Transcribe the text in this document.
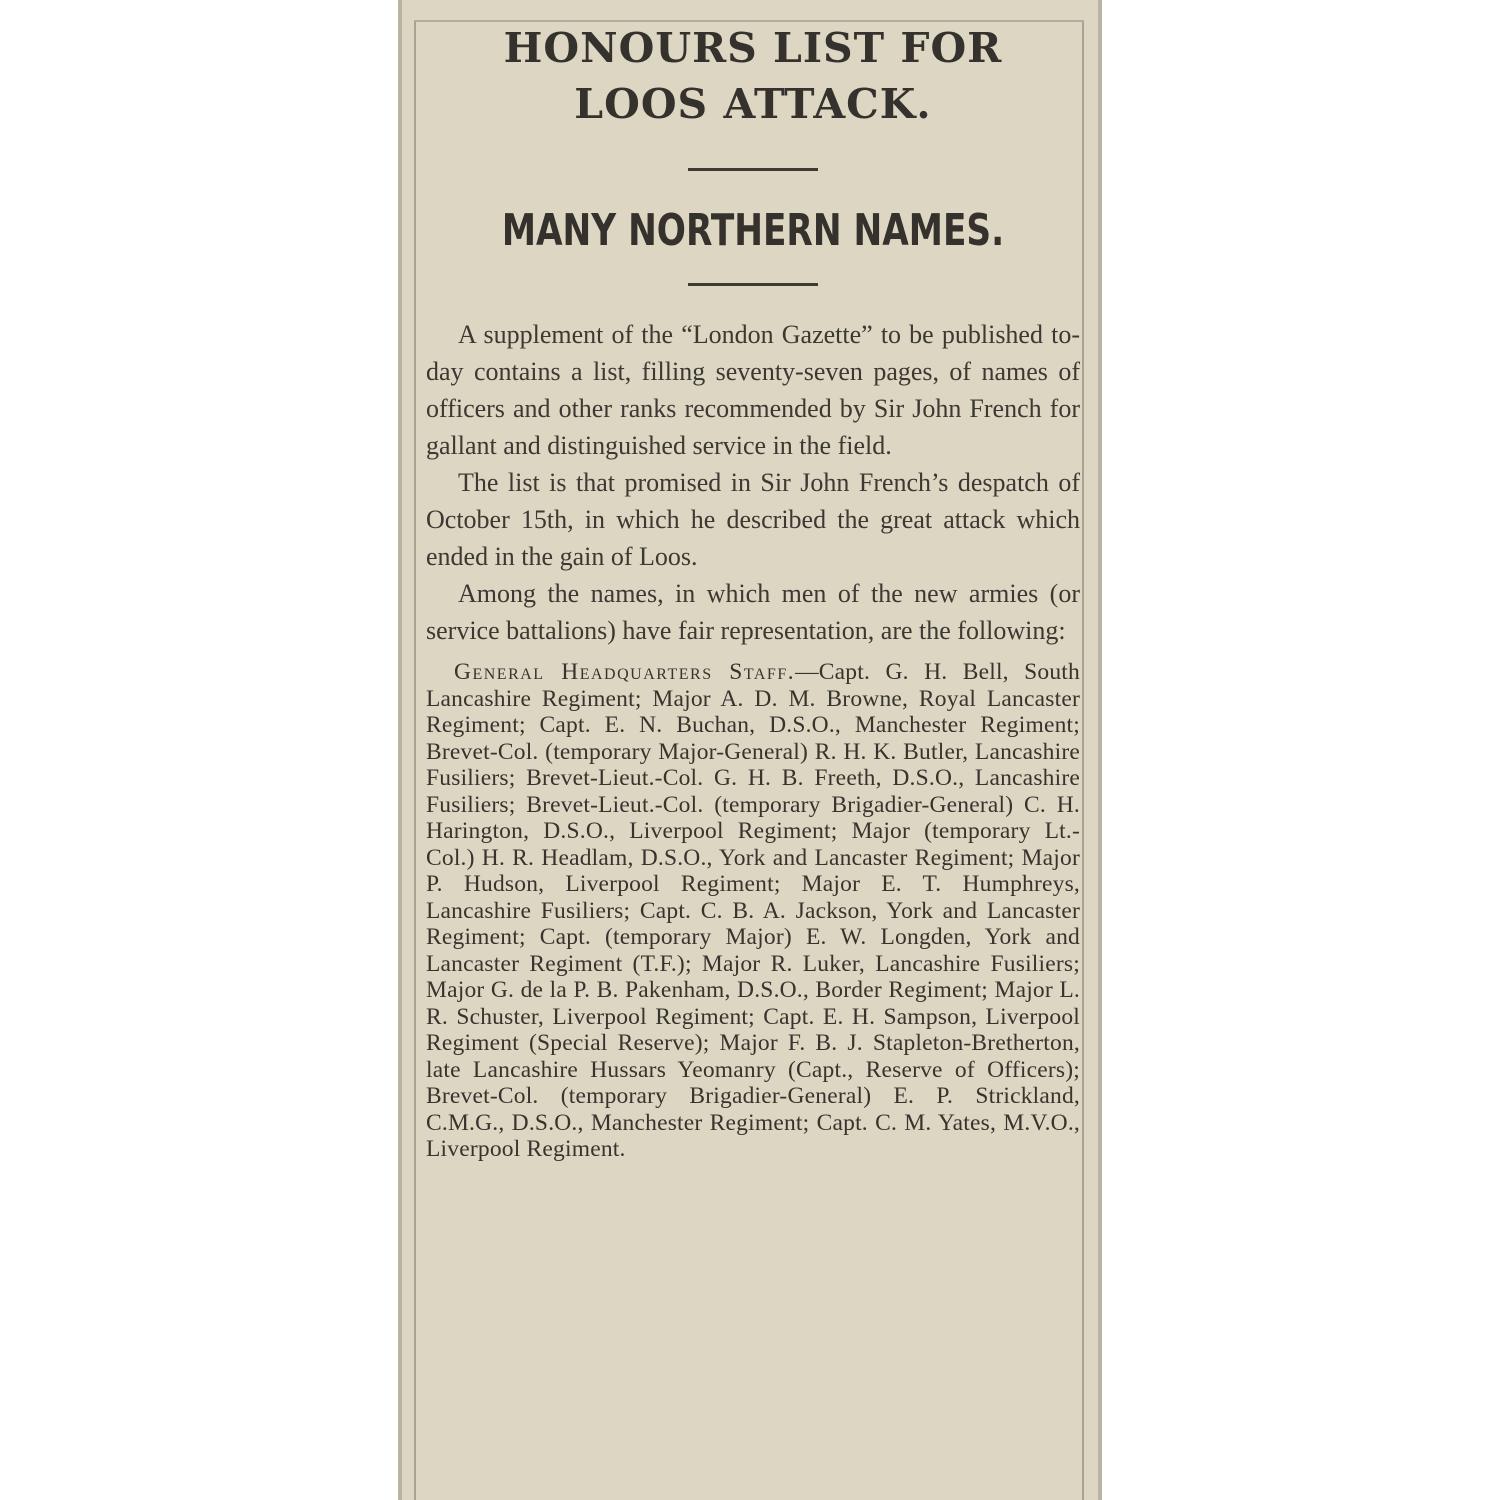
HONOURS LIST FOR
LOOS ATTACK.
MANY NORTHERN NAMES.

A supplement of the “London Gazette” to be published to-day contains a list, filling seventy-seven pages, of names of officers and other ranks recommended by Sir John French for gallant and distinguished service in the field.

The list is that promised in Sir John French’s despatch of October 15th, in which he described the great attack which ended in the gain of Loos.

Among the names, in which men of the new armies (or service battalions) have fair representation, are the following:

General Headquarters Staff.—Capt. G. H. Bell, South Lancashire Regiment; Major A. D. M. Browne, Royal Lancaster Regiment; Capt. E. N. Buchan, D.S.O., Manchester Regiment; Brevet-Col. (temporary Major-General) R. H. K. Butler, Lancashire Fusiliers; Brevet-Lieut.-Col. G. H. B. Freeth, D.S.O., Lancashire Fusiliers; Brevet-Lieut.-Col. (temporary Brigadier-General) C. H. Harington, D.S.O., Liverpool Regiment; Major (temporary Lt.-Col.) H. R. Headlam, D.S.O., York and Lancaster Regiment; Major P. Hudson, Liverpool Regiment; Major E. T. Humphreys, Lancashire Fusiliers; Capt. C. B. A. Jackson, York and Lancaster Regiment; Capt. (temporary Major) E. W. Longden, York and Lancaster Regiment (T.F.); Major R. Luker, Lancashire Fusiliers; Major G. de la P. B. Pakenham, D.S.O., Border Regiment; Major L. R. Schuster, Liverpool Regiment; Capt. E. H. Sampson, Liverpool Regiment (Special Reserve); Major F. B. J. Stapleton-Bretherton, late Lancashire Hussars Yeomanry (Capt., Reserve of Officers); Brevet-Col. (temporary Brigadier-General) E. P. Strickland, C.M.G., D.S.O., Manchester Regiment; Capt. C. M. Yates, M.V.O., Liverpool Regiment.
